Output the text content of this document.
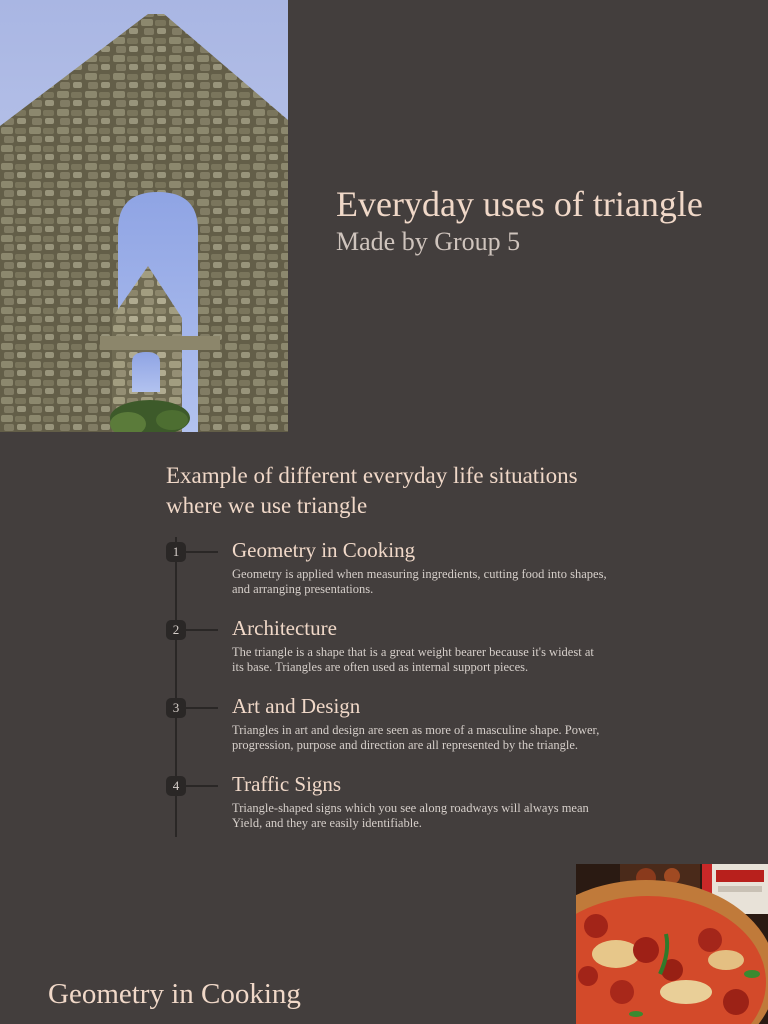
Everyday uses of triangle
Made by Group 5
Example of different everyday life situations where we use triangle
1	Geometry in Cooking
Geometry is applied when measuring ingredients, cutting food into shapes, and arranging presentations.
2	Architecture
The triangle is a shape that is a great weight bearer because it's widest at its base. Triangles are often used as internal support pieces.
3	Art and Design
Triangles in art and design are seen as more of a masculine shape. Power, progression, purpose and direction are all represented by the triangle.
4	Traffic Signs
Triangle-shaped signs which you see along roadways will always mean Yield, and they are easily identifiable.
Geometry in Cooking
